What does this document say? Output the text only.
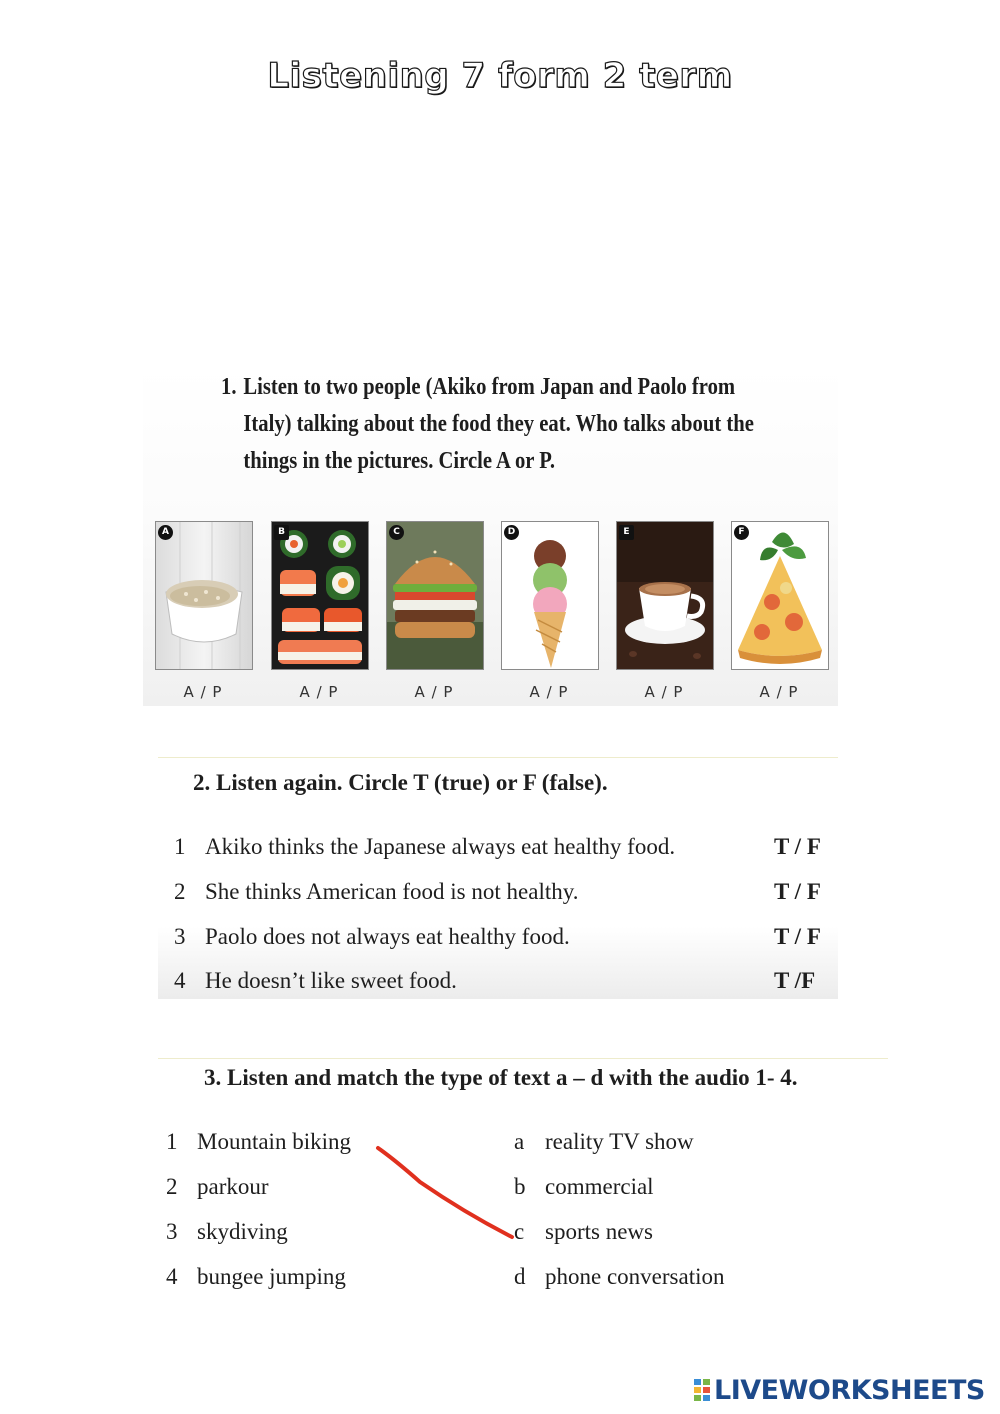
Listening 7 form 2 term
1. Listen to two people (Akiko from Japan and Paolo from
Italy) talking about the food they eat. Who talks about the
things in the pictures. Circle A or P.
A
A / P
B
A / P
C
A / P
D
A / P
E
A / P
F
A / P
2. Listen again. Circle T (true) or F (false).
1 Akiko thinks the Japanese always eat healthy food.	T / F
2 She thinks American food is not healthy.	T / F
3 Paolo does not always eat healthy food.	T / F
4 He doesn’t like sweet food.	T /F
3. Listen and match the type of text a – d with the audio 1- 4.
1 Mountain biking	a reality TV show
2 parkour	b commercial
3 skydiving	c sports news
4 bungee jumping	d phone conversation
LIVEWORKSHEETS
